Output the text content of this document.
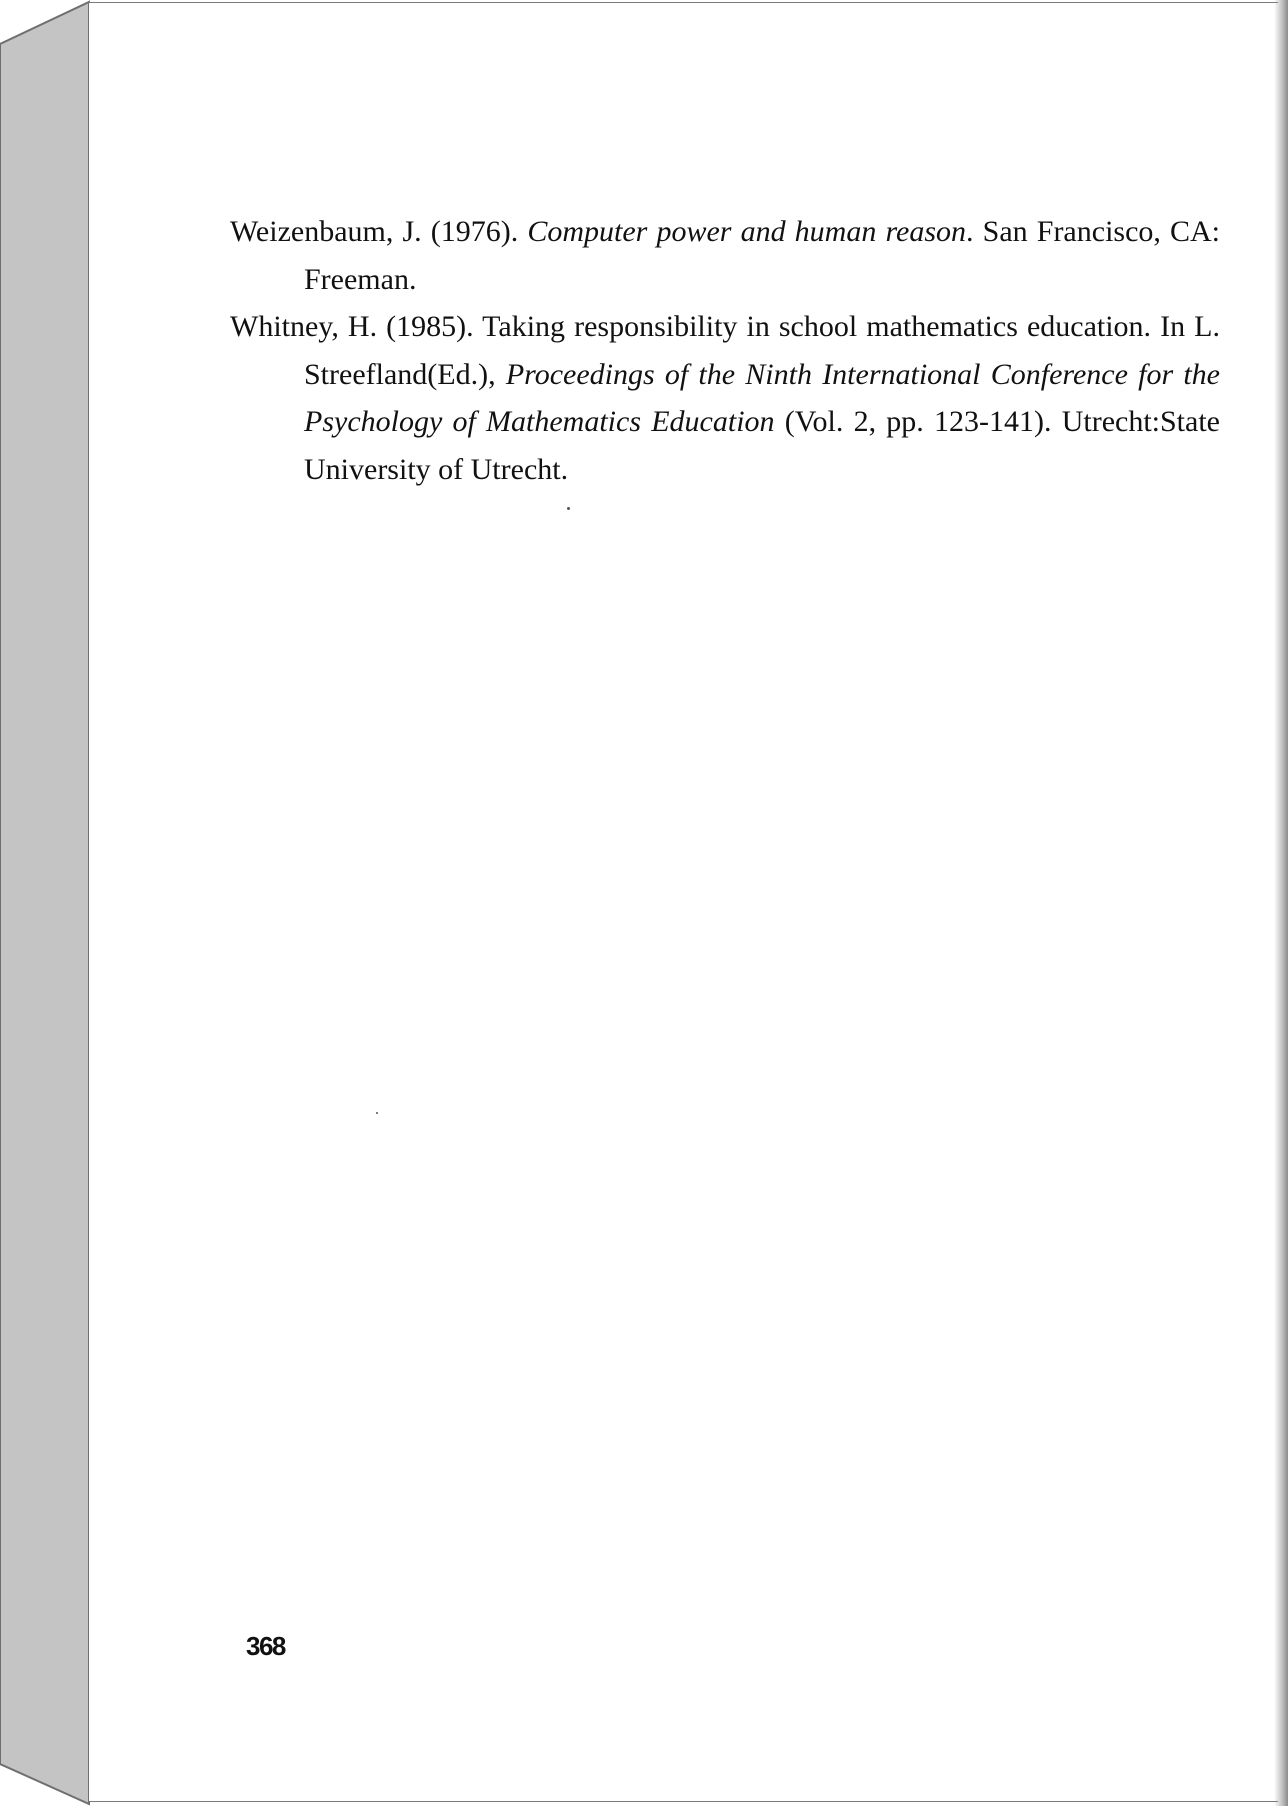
Weizenbaum, J. (1976). Computer power and human reason. San Francisco, CA: Freeman.

Whitney, H. (1985). Taking responsibility in school mathematics education. In L. Streefland(Ed.), Proceedings of the Ninth International Conference for the Psychology of Mathematics Education (Vol. 2, pp. 123-141). Utrecht:State University of Utrecht.

368
